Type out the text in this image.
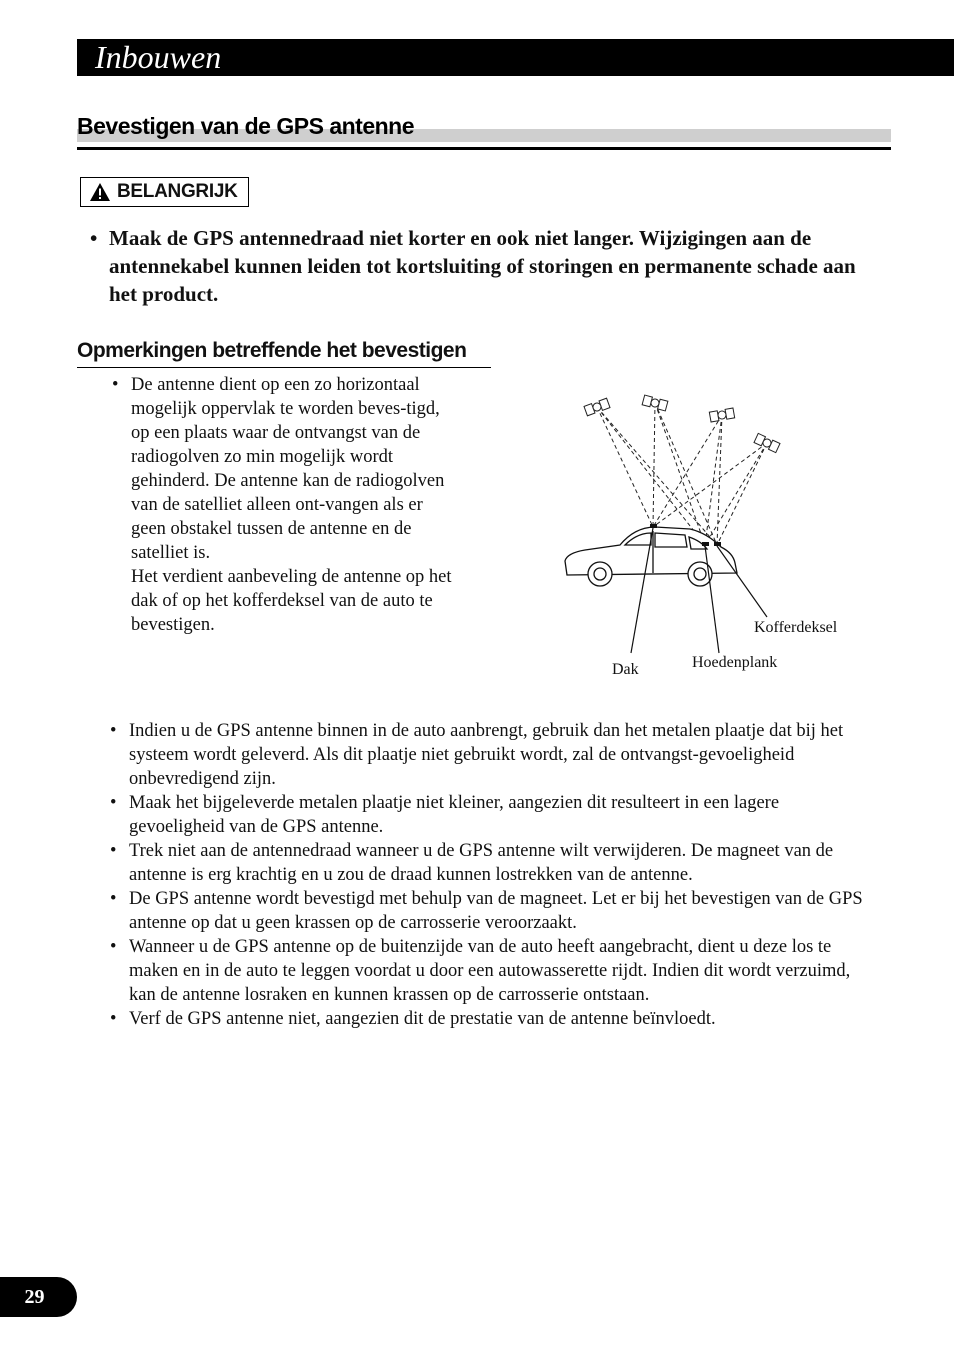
Inbouwen
Bevestigen van de GPS antenne
BELANGRIJK
• Maak de GPS antennedraad niet korter en ook niet langer. Wijzigingen aan de antennekabel kunnen leiden tot kortsluiting of storingen en permanente schade aan het product.
Opmerkingen betreffende het bevestigen
• De antenne dient op een zo horizontaal mogelijk oppervlak te worden beves-tigd, op een plaats waar de ontvangst van de radiogolven zo min mogelijk wordt gehinderd. De antenne kan de radiogolven van de satelliet alleen ont-vangen als er geen obstakel tussen de antenne en de satelliet is.

Het verdient aanbeveling de antenne op het dak of op het kofferdeksel van de auto te bevestigen.

Dak	Hoedenplank
Kofferdeksel
• Indien u de GPS antenne binnen in de auto aanbrengt, gebruik dan het metalen plaatje dat bij het systeem wordt geleverd. Als dit plaatje niet gebruikt wordt, zal de ontvangst-gevoeligheid onbevredigend zijn.
• Maak het bijgeleverde metalen plaatje niet kleiner, aangezien dit resulteert in een lagere gevoeligheid van de GPS antenne.
• Trek niet aan de antennedraad wanneer u de GPS antenne wilt verwijderen. De magneet van de antenne is erg krachtig en u zou de draad kunnen lostrekken van de antenne.
• De GPS antenne wordt bevestigd met behulp van de magneet. Let er bij het bevestigen van de GPS antenne op dat u geen krassen op de carrosserie veroorzaakt.
• Wanneer u de GPS antenne op de buitenzijde van de auto heeft aangebracht, dient u deze los te maken en in de auto te leggen voordat u door een autowasserette rijdt. Indien dit wordt verzuimd, kan de antenne losraken en kunnen krassen op de carrosserie ontstaan.
• Verf de GPS antenne niet, aangezien dit de prestatie van de antenne beïnvloedt.
29
